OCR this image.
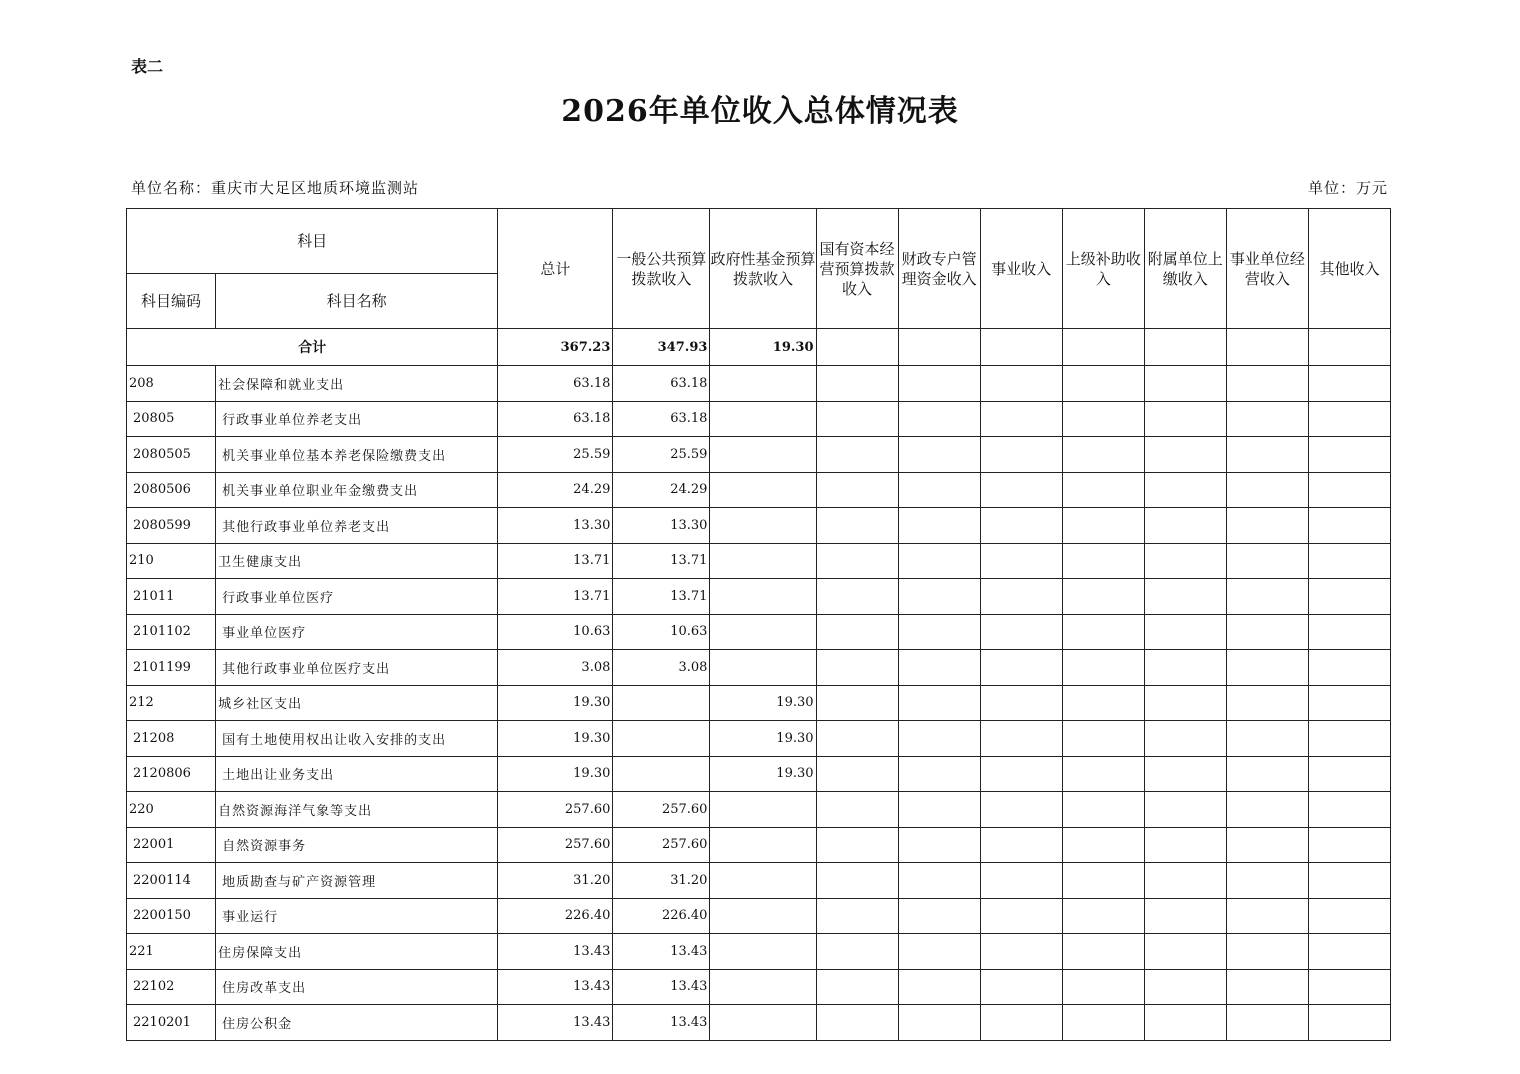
表二
2026年单位收入总体情况表
单位名称：重庆市大足区地质环境监测站	单位：万元
科目		总计	一般公共预算拨款收入	政府性基金预算拨款收入	国有资本经营预算拨款收入	财政专户管理资金收入	事业收入	上级补助收入	附属单位上缴收入	事业单位经营收入	其他收入
科目编码	科目名称										
合计		367.23	347.93	19.30							
208	社会保障和就业支出	63.18	63.18								
20805	行政事业单位养老支出	63.18	63.18								
2080505	机关事业单位基本养老保险缴费支出	25.59	25.59								
2080506	机关事业单位职业年金缴费支出	24.29	24.29								
2080599	其他行政事业单位养老支出	13.30	13.30								
210	卫生健康支出	13.71	13.71								
21011	行政事业单位医疗	13.71	13.71								
2101102	事业单位医疗	10.63	10.63								
2101199	其他行政事业单位医疗支出	3.08	3.08								
212	城乡社区支出	19.30		19.30							
21208	国有土地使用权出让收入安排的支出	19.30		19.30							
2120806	土地出让业务支出	19.30		19.30							
220	自然资源海洋气象等支出	257.60	257.60								
22001	自然资源事务	257.60	257.60								
2200114	地质勘查与矿产资源管理	31.20	31.20								
2200150	事业运行	226.40	226.40								
221	住房保障支出	13.43	13.43								
22102	住房改革支出	13.43	13.43								
2210201	住房公积金	13.43	13.43								
